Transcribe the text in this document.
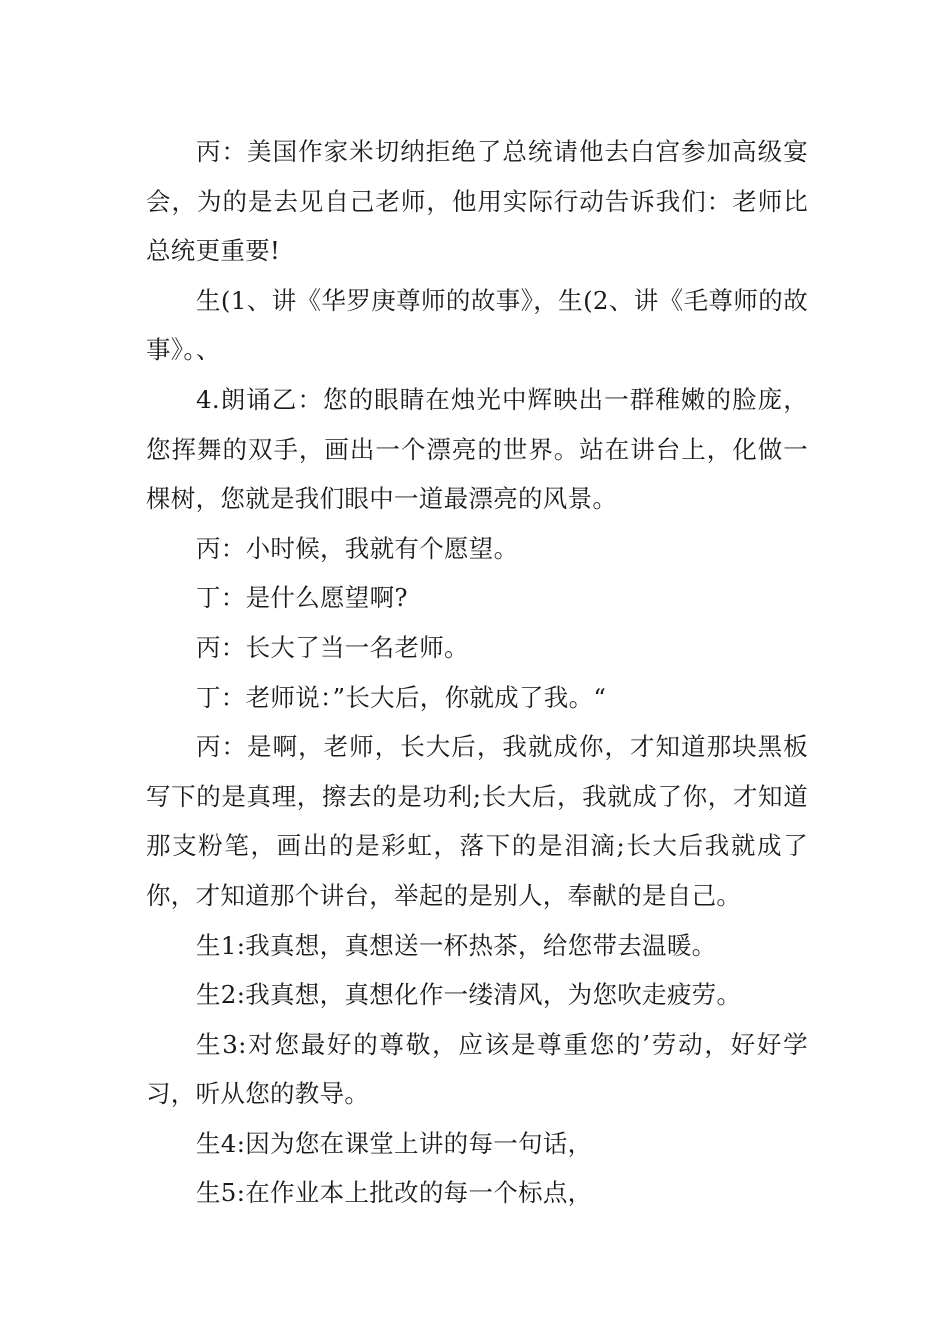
丙：美国作家米切纳拒绝了总统请他去白宫参加高级宴会，为的是去见自己老师，他用实际行动告诉我们：老师比总统更重要!

生(1、讲《华罗庚尊师的故事》，生(2、讲《毛尊师的故事》。、

4.朗诵乙：您的眼睛在烛光中辉映出一群稚嫩的脸庞，您挥舞的双手，画出一个漂亮的世界。站在讲台上，化做一棵树，您就是我们眼中一道最漂亮的风景。

丙：小时候，我就有个愿望。

丁：是什么愿望啊?

丙：长大了当一名老师。

丁：老师说：”长大后，你就成了我。“

丙：是啊，老师，长大后，我就成你，才知道那块黑板写下的是真理，擦去的是功利;长大后，我就成了你，才知道那支粉笔，画出的是彩虹，落下的是泪滴;长大后我就成了你，才知道那个讲台，举起的是别人，奉献的是自己。

生1:我真想，真想送一杯热茶，给您带去温暖。

生2:我真想，真想化作一缕清风，为您吹走疲劳。

生3:对您最好的尊敬，应该是尊重您的’劳动，好好学习，听从您的教导。

生4:因为您在课堂上讲的每一句话，

生5:在作业本上批改的每一个标点，
